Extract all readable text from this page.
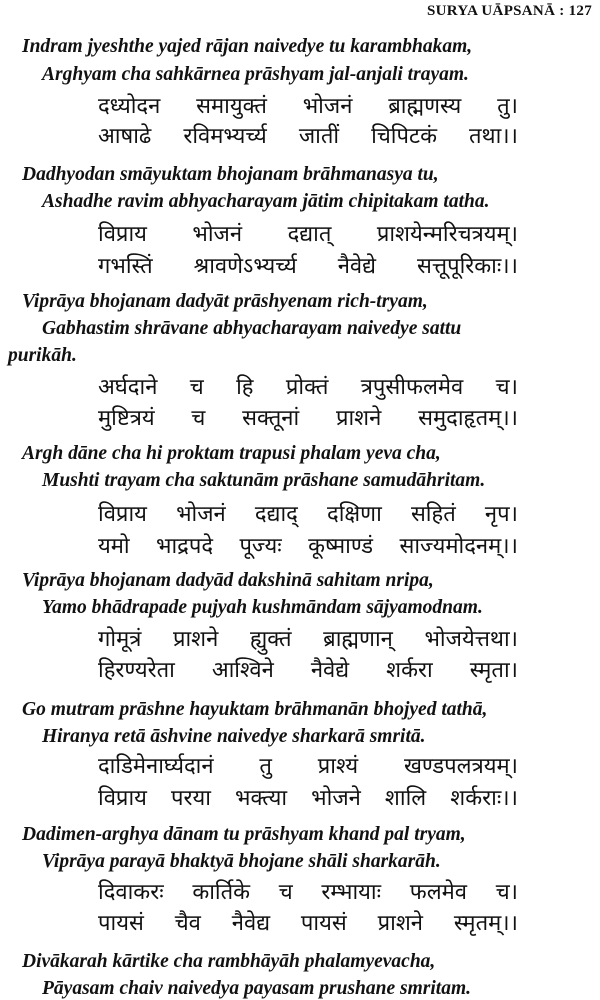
SURYA UĀPSANĀ : 127
Indram jyeshthe yajed rājan naivedye tu karambhakam,
Arghyam cha sahkārnea prāshyam jal-anjali trayam.
दध्योदन समायुक्तं भोजनं ब्राह्मणस्य तु।
आषाढे रविमभ्यर्च्य जातीं चिपिटकं तथा।।
Dadhyodan smāyuktam bhojanam brāhmanasya tu,
Ashadhe ravim abhyacharayam jātim chipitakam tatha.
विप्राय भोजनं दद्यात् प्राशयेन्मरिचत्रयम्।
गभस्तिं श्रावणेऽभ्यर्च्य नैवेद्ये सत्तूपूरिकाः।।
Viprāya bhojanam dadyāt prāshyenam rich-tryam,
Gabhastim shrāvane abhyacharayam naivedye sattu
purikāh.
अर्घदाने च हि प्रोक्तं त्रपुसीफलमेव च।
मुष्टित्रयं च सक्तूनां प्राशने समुदाहृतम्।।
Argh dāne cha hi proktam trapusi phalam yeva cha,
Mushti trayam cha saktunām prāshane samudāhritam.
विप्राय भोजनं दद्याद् दक्षिणा सहितं नृप।
यमो भाद्रपदे पूज्यः कूष्माण्डं साज्यमोदनम्।।
Viprāya bhojanam dadyād dakshinā sahitam nripa,
Yamo bhādrapade pujyah kushmāndam sājyamodnam.
गोमूत्रं प्राशने ह्युक्तं ब्राह्मणान् भोजयेत्तथा।
हिरण्यरेता आश्विने नैवेद्ये शर्करा स्मृता।
Go mutram prāshne hayuktam brāhmanān bhojyed tathā,
Hiranya retā āshvine naivedye sharkarā smritā.
दाडिमेनार्घ्यदानं तु प्राश्यं खण्डपलत्रयम्।
विप्राय परया भक्त्या भोजने शालि शर्कराः।।
Dadimen-arghya dānam tu prāshyam khand pal tryam,
Viprāya parayā bhaktyā bhojane shāli sharkarāh.
दिवाकरः कार्तिके च रम्भायाः फलमेव च।
पायसं चैव नैवेद्य पायसं प्राशने स्मृतम्।।
Divākarah kārtike cha rambhāyāh phalamyevacha,
Pāyasam chaiv naivedya payasam prushane smritam.
